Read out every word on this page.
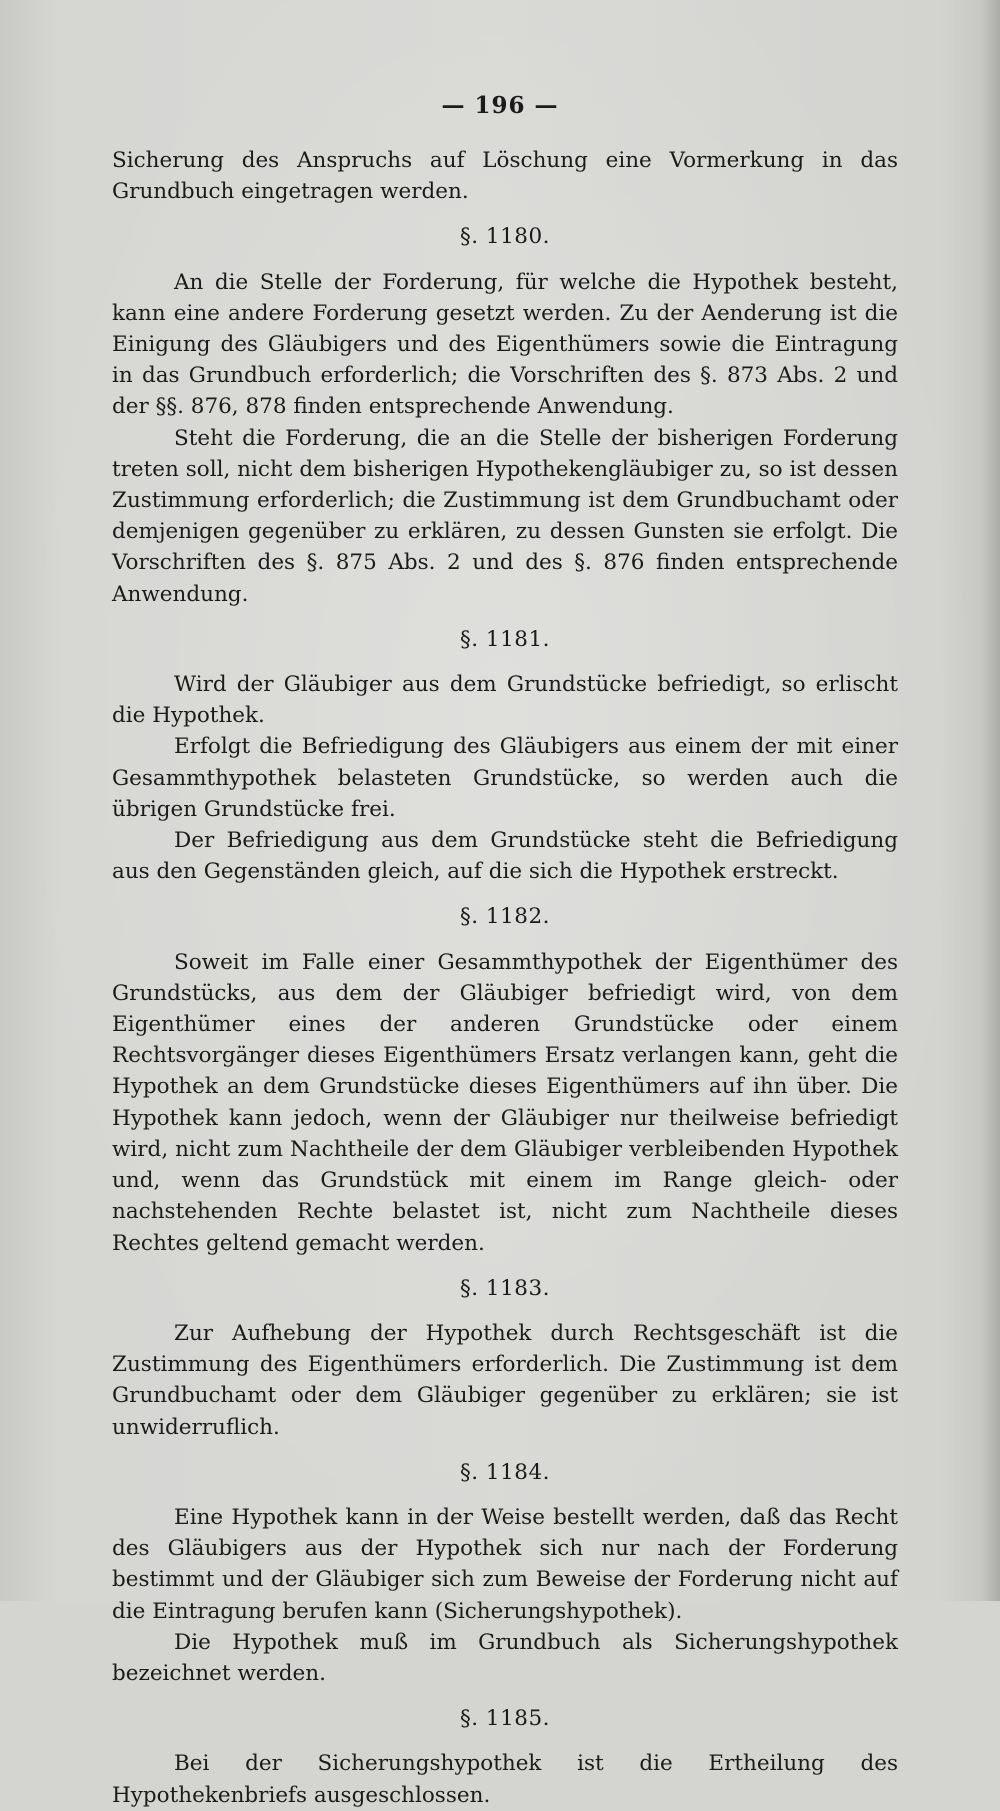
— 196 —

Sicherung des Anspruchs auf Löschung eine Vormerkung in das Grundbuch eingetragen werden.

§. 1180.

An die Stelle der Forderung, für welche die Hypothek besteht, kann eine andere Forderung gesetzt werden. Zu der Aenderung ist die Einigung des Gläubigers und des Eigenthümers sowie die Eintragung in das Grundbuch erforderlich; die Vorschriften des §. 873 Abs. 2 und der §§. 876, 878 finden entsprechende Anwendung.

Steht die Forderung, die an die Stelle der bisherigen Forderung treten soll, nicht dem bisherigen Hypothekengläubiger zu, so ist dessen Zustimmung erforderlich; die Zustimmung ist dem Grundbuchamt oder demjenigen gegenüber zu erklären, zu dessen Gunsten sie erfolgt. Die Vorschriften des §. 875 Abs. 2 und des §. 876 finden entsprechende Anwendung.

§. 1181.

Wird der Gläubiger aus dem Grundstücke befriedigt, so erlischt die Hypothek.

Erfolgt die Befriedigung des Gläubigers aus einem der mit einer Gesammthypothek belasteten Grundstücke, so werden auch die übrigen Grundstücke frei.

Der Befriedigung aus dem Grundstücke steht die Befriedigung aus den Gegenständen gleich, auf die sich die Hypothek erstreckt.

§. 1182.

Soweit im Falle einer Gesammthypothek der Eigenthümer des Grundstücks, aus dem der Gläubiger befriedigt wird, von dem Eigenthümer eines der anderen Grundstücke oder einem Rechtsvorgänger dieses Eigenthümers Ersatz verlangen kann, geht die Hypothek an dem Grundstücke dieses Eigenthümers auf ihn über. Die Hypothek kann jedoch, wenn der Gläubiger nur theilweise befriedigt wird, nicht zum Nachtheile der dem Gläubiger verbleibenden Hypothek und, wenn das Grundstück mit einem im Range gleich- oder nachstehenden Rechte belastet ist, nicht zum Nachtheile dieses Rechtes geltend gemacht werden.

§. 1183.

Zur Aufhebung der Hypothek durch Rechtsgeschäft ist die Zustimmung des Eigenthümers erforderlich. Die Zustimmung ist dem Grundbuchamt oder dem Gläubiger gegenüber zu erklären; sie ist unwiderruflich.

§. 1184.

Eine Hypothek kann in der Weise bestellt werden, daß das Recht des Gläubigers aus der Hypothek sich nur nach der Forderung bestimmt und der Gläubiger sich zum Beweise der Forderung nicht auf die Eintragung berufen kann (Sicherungshypothek).

Die Hypothek muß im Grundbuch als Sicherungshypothek bezeichnet werden.

§. 1185.

Bei der Sicherungshypothek ist die Ertheilung des Hypothekenbriefs ausgeschlossen.
